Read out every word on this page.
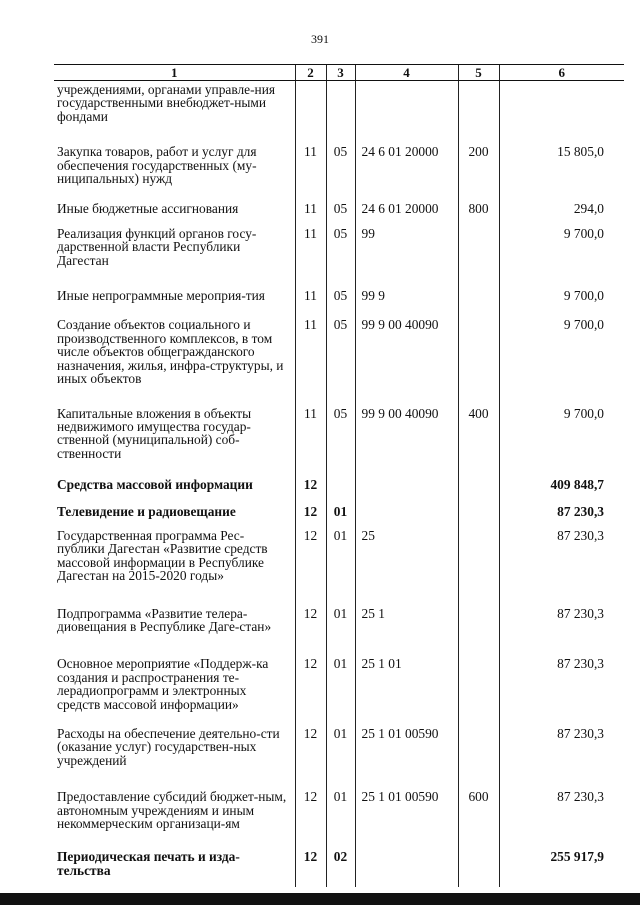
391
1	2	3	4	5	6
учреждениями, органами управле-ния государственными внебюджет-ными фондами					
Закупка товаров, работ и услуг для обеспечения государственных (му-ниципальных) нужд	11	05	24 6 01 20000	200	15 805,0
Иные бюджетные ассигнования	11	05	24 6 01 20000	800	294,0
Реализация функций органов госу-дарственной власти Республики Дагестан	11	05	99		9 700,0
Иные непрограммные мероприя-тия	11	05	99 9		9 700,0
Создание объектов социального и производственного комплексов, в том числе объектов общегражданского назначения, жилья, инфра-структуры, и иных объектов	11	05	99 9 00 40090		9 700,0
Капитальные вложения в объекты недвижимого имущества государ-ственной (муниципальной) соб-ственности	11	05	99 9 00 40090	400	9 700,0
Средства массовой информации	12				409 848,7
Телевидение и радиовещание	12	01			87 230,3
Государственная программа Рес-публики Дагестан «Развитие средств массовой информации в Республике Дагестан на 2015-2020 годы»	12	01	25		87 230,3
Подпрограмма «Развитие телера-диовещания в Республике Даге-стан»	12	01	25 1		87 230,3
Основное мероприятие «Поддерж-ка создания и распространения те-лерадиопрограмм и электронных средств массовой информации»	12	01	25 1 01		87 230,3
Расходы на обеспечение деятельно-сти (оказание услуг) государствен-ных учреждений	12	01	25 1 01 00590		87 230,3
Предоставление субсидий бюджет-ным, автономным учреждениям и иным некоммерческим организаци-ям	12	01	25 1 01 00590	600	87 230,3
Периодическая печать и изда-тельства	12	02			255 917,9
